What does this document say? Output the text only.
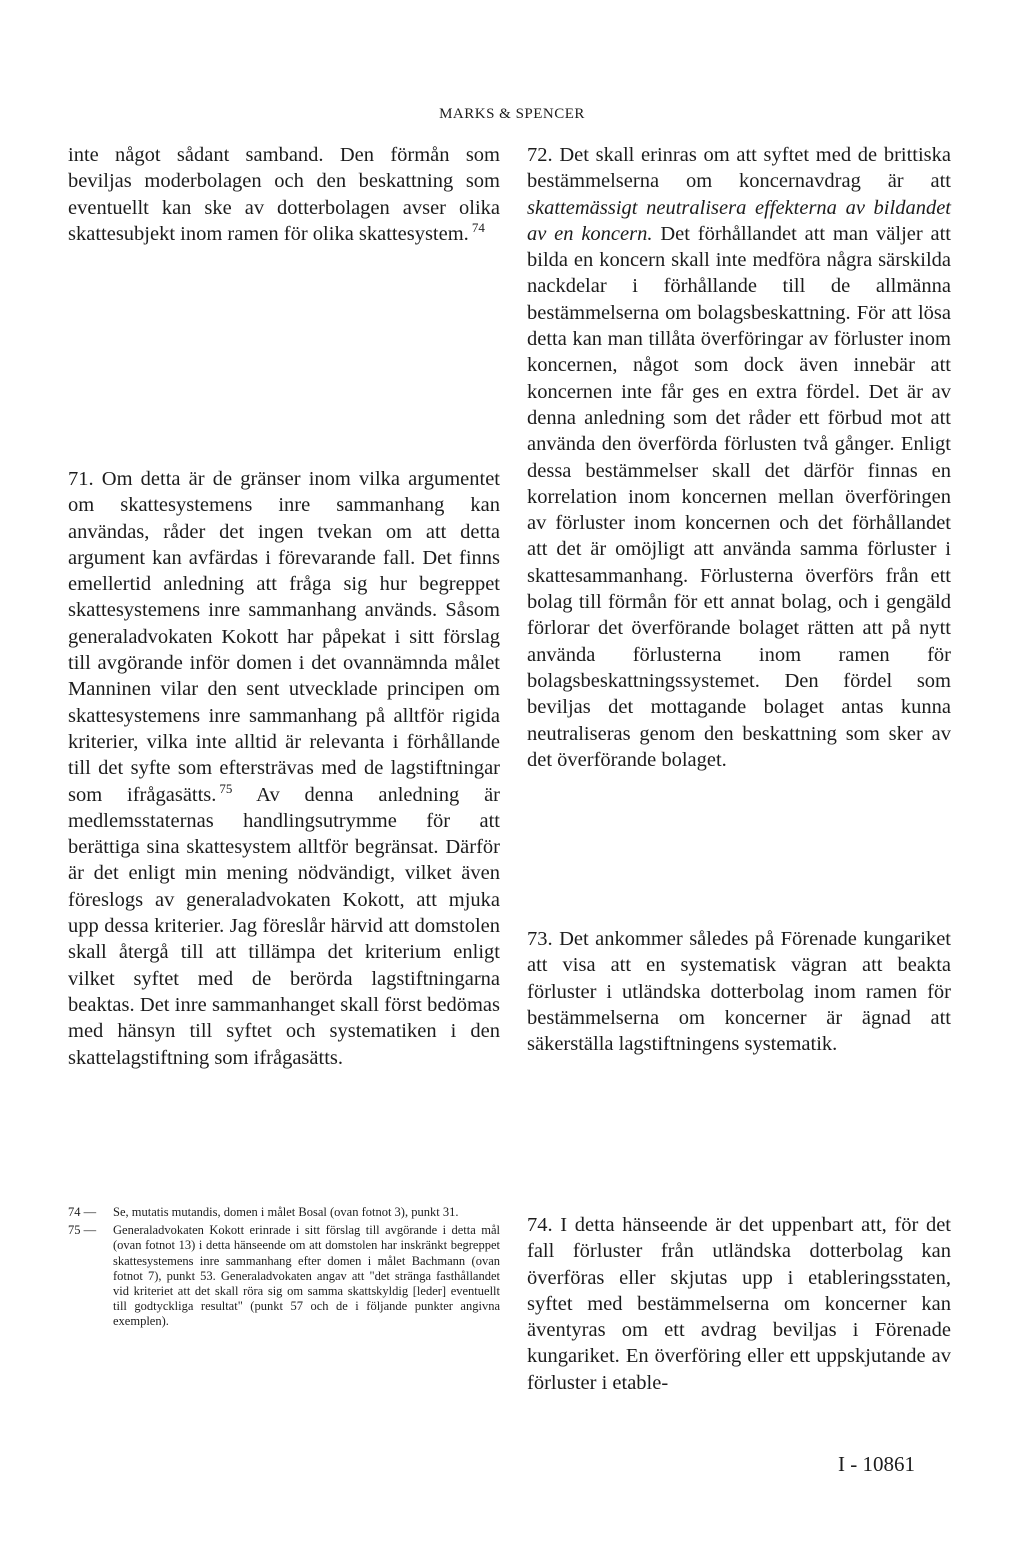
MARKS & SPENCER

inte något sådant samband. Den förmån som beviljas moderbolagen och den beskattning som eventuellt kan ske av dotterbolagen avser olika skattesubjekt inom ramen för olika skattesystem. $^{74}$

71. Om detta är de gränser inom vilka argumentet om skattesystemens inre sammanhang kan användas, råder det ingen tvekan om att detta argument kan avfärdas i förevarande fall. Det finns emellertid anledning att fråga sig hur begreppet skattesystemens inre sammanhang används. Såsom generaladvokaten Kokott har påpekat i sitt förslag till avgörande inför domen i det ovannämnda målet Manninen vilar den sent utvecklade principen om skattesystemens inre sammanhang på alltför rigida kriterier, vilka inte alltid är relevanta i förhållande till det syfte som eftersträvas med de lagstiftningar som ifrågasätts. $^{75}$ Av denna anledning är medlemsstaternas handlingsutrymme för att berättiga sina skattesystem alltför begränsat. Därför är det enligt min mening nödvändigt, vilket även föreslogs av generaladvokaten Kokott, att mjuka upp dessa kriterier. Jag föreslår härvid att domstolen skall återgå till att tillämpa det kriterium enligt vilket syftet med de berörda lagstiftningarna beaktas. Det inre sammanhanget skall först bedömas med hänsyn till syftet och systematiken i den skattelagstiftning som ifrågasätts.

72. Det skall erinras om att syftet med de brittiska bestämmelserna om koncernavdrag är att skattemässigt neutralisera effekterna av bildandet av en koncern. Det förhållandet att man väljer att bilda en koncern skall inte medföra några särskilda nackdelar i förhållande till de allmänna bestämmelserna om bolagsbeskattning. För att lösa detta kan man tillåta överföringar av förluster inom koncernen, något som dock även innebär att koncernen inte får ges en extra fördel. Det är av denna anledning som det råder ett förbud mot att använda den överförda förlusten två gånger. Enligt dessa bestämmelser skall det därför finnas en korrelation inom koncernen mellan överföringen av förluster inom koncernen och det förhållandet att det är omöjligt att använda samma förluster i skattesammanhang. Förlusterna överförs från ett bolag till förmån för ett annat bolag, och i gengäld förlorar det överförande bolaget rätten att på nytt använda förlusterna inom ramen för bolagsbeskattningssystemet. Den fördel som beviljas det mottagande bolaget antas kunna neutraliseras genom den beskattning som sker av det överförande bolaget.

73. Det ankommer således på Förenade kungariket att visa att en systematisk vägran att beakta förluster i utländska dotterbolag inom ramen för bestämmelserna om koncerner är ägnad att säkerställa lagstiftningens systematik.

74. I detta hänseende är det uppenbart att, för det fall förluster från utländska dotterbolag kan överföras eller skjutas upp i etableringsstaten, syftet med bestämmelserna om koncerner kan äventyras om ett avdrag beviljas i Förenade kungariket. En överföring eller ett uppskjutande av förluster i etable-

74 —	Se, mutatis mutandis, domen i målet Bosal (ovan fotnot 3), punkt 31.
75 —	Generaladvokaten Kokott erinrade i sitt förslag till avgörande i detta mål (ovan fotnot 13) i detta hänseende om att domstolen har inskränkt begreppet skattesystemens inre sammanhang efter domen i målet Bachmann (ovan fotnot 7), punkt 53. Generaladvokaten angav att "det stränga fasthållandet vid kriteriet att det skall röra sig om samma skattskyldig [leder] eventuellt till godtyckliga resultat" (punkt 57 och de i följande punkter angivna exemplen).
I - 10861
